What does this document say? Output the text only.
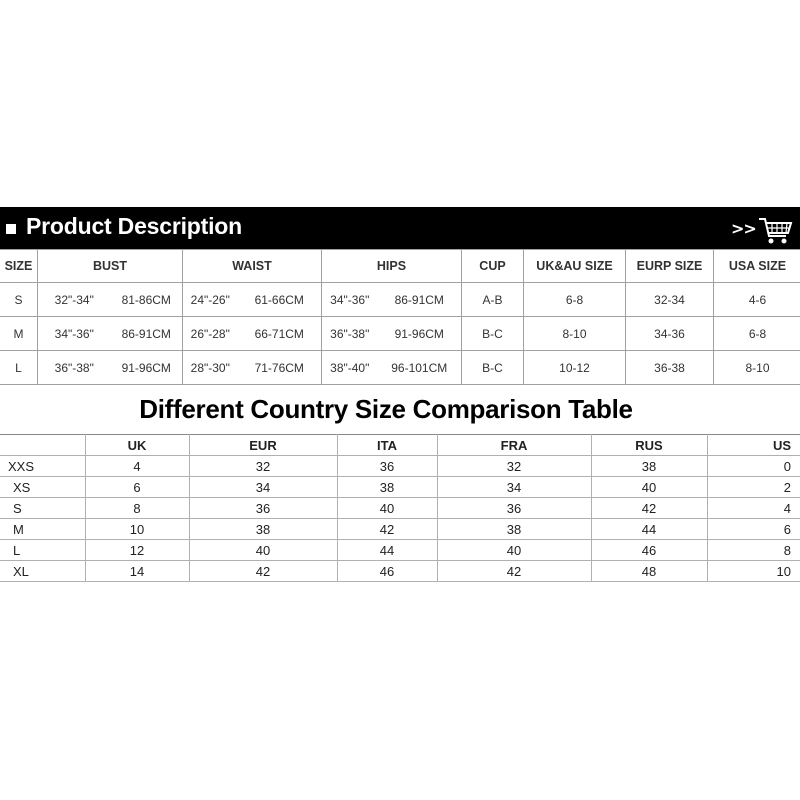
Product Description	>>
SIZE	BUST		WAIST		HIPS		CUP	UK&AU SIZE	EURP SIZE	USA SIZE
S	32"-34"	81-86CM	24"-26"	61-66CM	34"-36"	86-91CM	A-B	6-8	32-34	4-6
M	34"-36"	86-91CM	26"-28"	66-71CM	36"-38"	91-96CM	B-C	8-10	34-36	6-8
L	36"-38"	91-96CM	28"-30"	71-76CM	38"-40"	96-101CM	B-C	10-12	36-38	8-10
Different Country Size Comparison Table
	UK	EUR	ITA	FRA	RUS	US
XXS	4	32	36	32	38	0
XS	6	34	38	34	40	2
S	8	36	40	36	42	4
M	10	38	42	38	44	6
L	12	40	44	40	46	8
XL	14	42	46	42	48	10
